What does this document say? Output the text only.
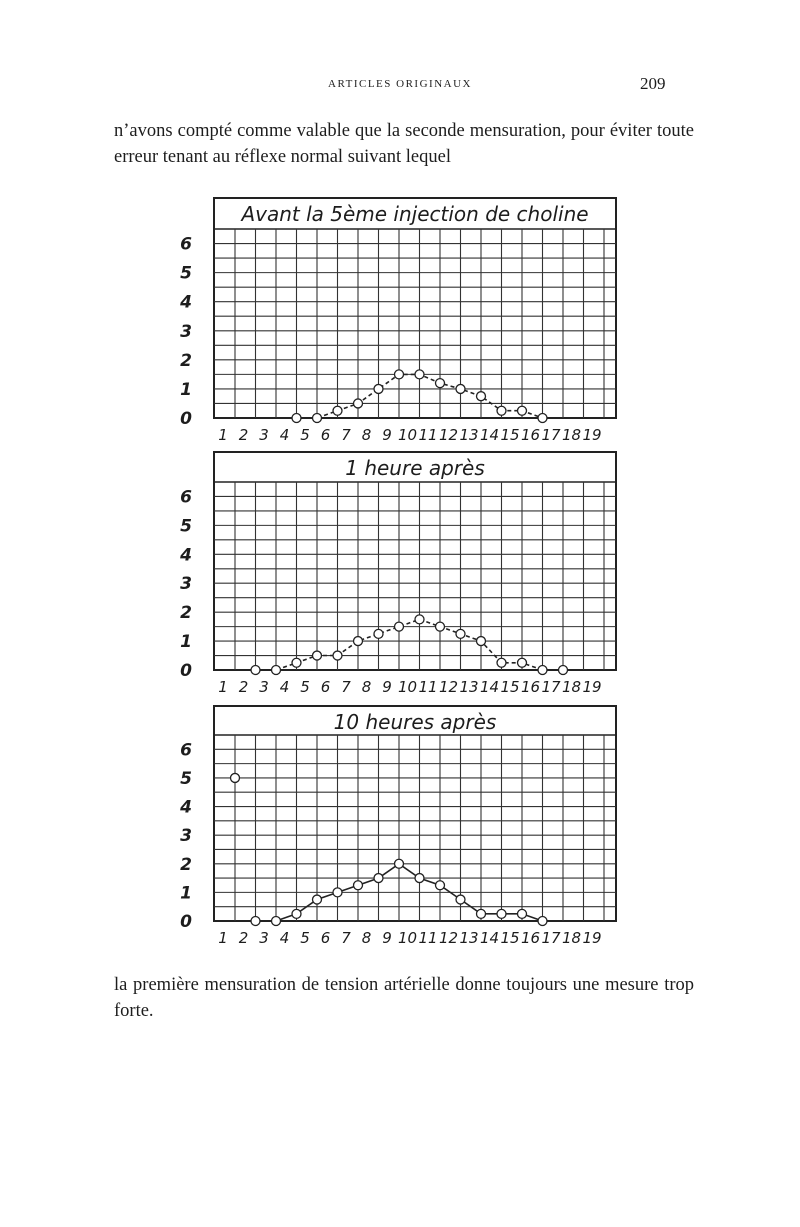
ARTICLES ORIGINAUX	209

n’avons compté comme valable que la seconde mensuration, pour éviter toute erreur tenant au réflexe normal suivant lequel

Avant la 5ème injection de choline
0
1
2
3
4
5
6
1 2 3 4 5 6 7 8 9 10 11 12 13 14 15 16 17 18 19
1 heure après
0
1
2
3
4
5
6
1 2 3 4 5 6 7 8 9 10 11 12 13 14 15 16 17 18 19
10 heures après
0
1
2
3
4
5
6
1 2 3 4 5 6 7 8 9 10 11 12 13 14 15 16 17 18 19

la première mensuration de tension artérielle donne toujours une mesure trop forte.
